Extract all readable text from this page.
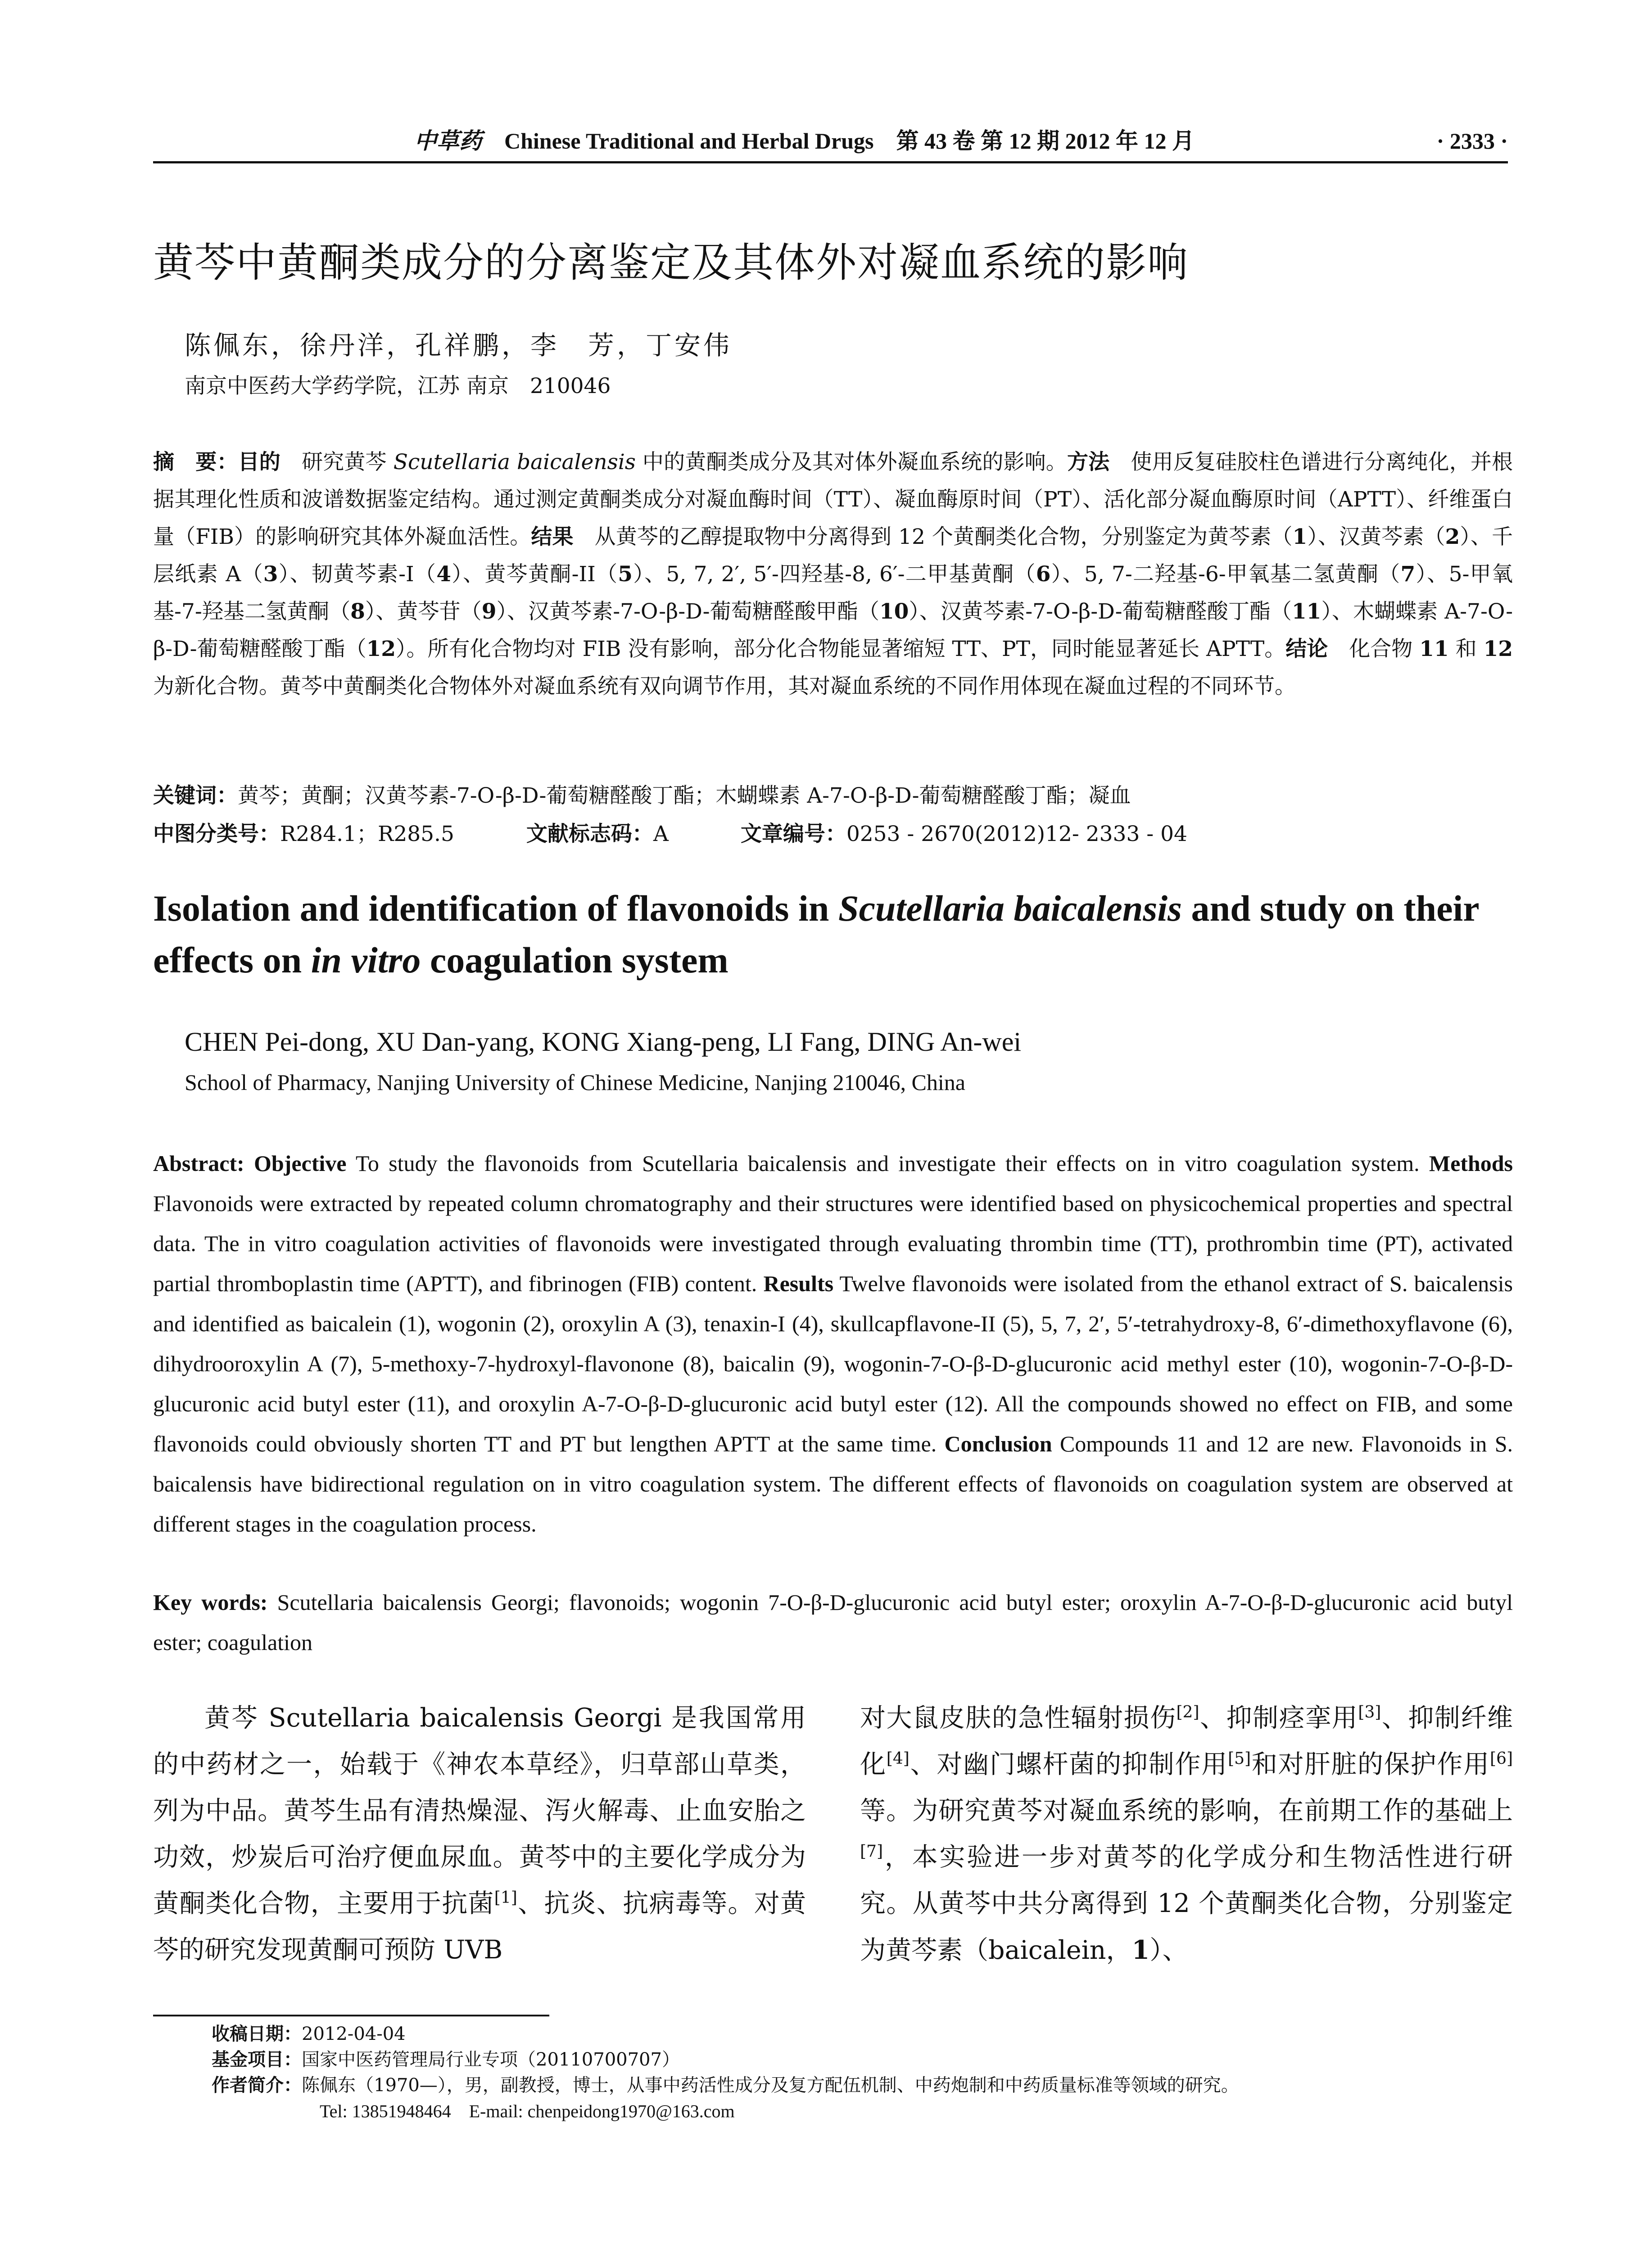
中草药 Chinese Traditional and Herbal Drugs 第 43 卷 第 12 期 2012 年 12 月	· 2333 ·
黄芩中黄酮类成分的分离鉴定及其体外对凝血系统的影响
陈佩东，徐丹洋，孔祥鹏，李　芳，丁安伟
南京中医药大学药学院，江苏 南京　210046
摘　要：目的　研究黄芩 Scutellaria baicalensis 中的黄酮类成分及其对体外凝血系统的影响。方法　使用反复硅胶柱色谱进行分离纯化，并根据其理化性质和波谱数据鉴定结构。通过测定黄酮类成分对凝血酶时间（TT）、凝血酶原时间（PT）、活化部分凝血酶原时间（APTT）、纤维蛋白量（FIB）的影响研究其体外凝血活性。结果　从黄芩的乙醇提取物中分离得到 12 个黄酮类化合物，分别鉴定为黄芩素（1）、汉黄芩素（2）、千层纸素 A（3）、韧黄芩素-I（4）、黄芩黄酮-II（5）、5, 7, 2′, 5′-四羟基-8, 6′-二甲基黄酮（6）、5, 7-二羟基-6-甲氧基二氢黄酮（7）、5-甲氧基-7-羟基二氢黄酮（8）、黄芩苷（9）、汉黄芩素-7-O-β-D-葡萄糖醛酸甲酯（10）、汉黄芩素-7-O-β-D-葡萄糖醛酸丁酯（11）、木蝴蝶素 A-7-O-β-D-葡萄糖醛酸丁酯（12）。所有化合物均对 FIB 没有影响，部分化合物能显著缩短 TT、PT，同时能显著延长 APTT。结论　化合物 11 和 12 为新化合物。黄芩中黄酮类化合物体外对凝血系统有双向调节作用，其对凝血系统的不同作用体现在凝血过程的不同环节。
关键词：黄芩；黄酮；汉黄芩素-7-O-β-D-葡萄糖醛酸丁酯；木蝴蝶素 A-7-O-β-D-葡萄糖醛酸丁酯；凝血
中图分类号：R284.1；R285.5	文献标志码：A	文章编号：0253 - 2670(2012)12- 2333 - 04
Isolation and identification of flavonoids in Scutellaria baicalensis and study on their effects on in vitro coagulation system
CHEN Pei-dong, XU Dan-yang, KONG Xiang-peng, LI Fang, DING An-wei
School of Pharmacy, Nanjing University of Chinese Medicine, Nanjing 210046, China
Abstract: Objective To study the flavonoids from Scutellaria baicalensis and investigate their effects on in vitro coagulation system. Methods Flavonoids were extracted by repeated column chromatography and their structures were identified based on physicochemical properties and spectral data. The in vitro coagulation activities of flavonoids were investigated through evaluating thrombin time (TT), prothrombin time (PT), activated partial thromboplastin time (APTT), and fibrinogen (FIB) content. Results Twelve flavonoids were isolated from the ethanol extract of S. baicalensis and identified as baicalein (1), wogonin (2), oroxylin A (3), tenaxin-I (4), skullcapflavone-II (5), 5, 7, 2′, 5′-tetrahydroxy-8, 6′-dimethoxyflavone (6), dihydrooroxylin A (7), 5-methoxy-7-hydroxyl-flavonone (8), baicalin (9), wogonin-7-O-β-D-glucuronic acid methyl ester (10), wogonin-7-O-β-D-glucuronic acid butyl ester (11), and oroxylin A-7-O-β-D-glucuronic acid butyl ester (12). All the compounds showed no effect on FIB, and some flavonoids could obviously shorten TT and PT but lengthen APTT at the same time. Conclusion Compounds 11 and 12 are new. Flavonoids in S. baicalensis have bidirectional regulation on in vitro coagulation system. The different effects of flavonoids on coagulation system are observed at different stages in the coagulation process.
Key words: Scutellaria baicalensis Georgi; flavonoids; wogonin 7-O-β-D-glucuronic acid butyl ester; oroxylin A-7-O-β-D-glucuronic acid butyl ester; coagulation
黄芩 Scutellaria baicalensis Georgi 是我国常用的中药材之一，始载于《神农本草经》，归草部山草类，列为中品。黄芩生品有清热燥湿、泻火解毒、止血安胎之功效，炒炭后可治疗便血尿血。黄芩中的主要化学成分为黄酮类化合物，主要用于抗菌[1]、抗炎、抗病毒等。对黄芩的研究发现黄酮可预防 UVB
对大鼠皮肤的急性辐射损伤[2]、抑制痉挛用[3]、抑制纤维化[4]、对幽门螺杆菌的抑制作用[5]和对肝脏的保护作用[6]等。为研究黄芩对凝血系统的影响，在前期工作的基础上[7]，本实验进一步对黄芩的化学成分和生物活性进行研究。从黄芩中共分离得到 12 个黄酮类化合物，分别鉴定为黄芩素（baicalein，1）、
收稿日期：2012-04-04
基金项目：国家中医药管理局行业专项（20110700707）
作者简介：陈佩东（1970—），男，副教授，博士，从事中药活性成分及复方配伍机制、中药炮制和中药质量标准等领域的研究。
Tel: 13851948464　E-mail: chenpeidong1970@163.com
